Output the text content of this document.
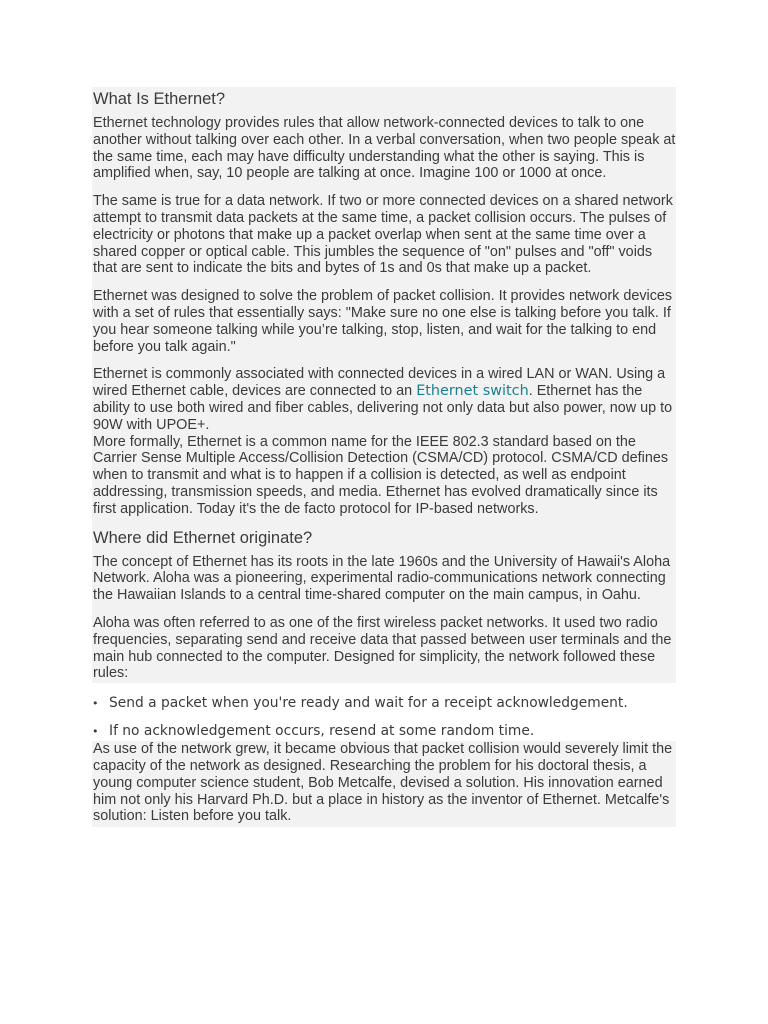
What Is Ethernet?

Ethernet technology provides rules that allow network-connected devices to talk to one another without talking over each other. In a verbal conversation, when two people speak at the same time, each may have difficulty understanding what the other is saying. This is amplified when, say, 10 people are talking at once. Imagine 100 or 1000 at once.

The same is true for a data network. If two or more connected devices on a shared network attempt to transmit data packets at the same time, a packet collision occurs. The pulses of electricity or photons that make up a packet overlap when sent at the same time over a shared copper or optical cable. This jumbles the sequence of "on" pulses and "off" voids that are sent to indicate the bits and bytes of 1s and 0s that make up a packet.

Ethernet was designed to solve the problem of packet collision. It provides network devices with a set of rules that essentially says: "Make sure no one else is talking before you talk. If you hear someone talking while you’re talking, stop, listen, and wait for the talking to end before you talk again."

Ethernet is commonly associated with connected devices in a wired LAN or WAN. Using a wired Ethernet cable, devices are connected to an Ethernet switch. Ethernet has the ability to use both wired and fiber cables, delivering not only data but also power, now up to 90W with UPOE+.

More formally, Ethernet is a common name for the IEEE 802.3 standard based on the Carrier Sense Multiple Access/Collision Detection (CSMA/CD) protocol. CSMA/CD defines when to transmit and what is to happen if a collision is detected, as well as endpoint addressing, transmission speeds, and media. Ethernet has evolved dramatically since its first application. Today it's the de facto protocol for IP-based networks.

Where did Ethernet originate?

The concept of Ethernet has its roots in the late 1960s and the University of Hawaii's Aloha Network. Aloha was a pioneering, experimental radio-communications network connecting the Hawaiian Islands to a central time-shared computer on the main campus, in Oahu.

Aloha was often referred to as one of the first wireless packet networks. It used two radio frequencies, separating send and receive data that passed between user terminals and the main hub connected to the computer. Designed for simplicity, the network followed these rules:

• Send a packet when you're ready and wait for a receipt acknowledgement.
• If no acknowledgement occurs, resend at some random time.

As use of the network grew, it became obvious that packet collision would severely limit the capacity of the network as designed. Researching the problem for his doctoral thesis, a young computer science student, Bob Metcalfe, devised a solution. His innovation earned him not only his Harvard Ph.D. but a place in history as the inventor of Ethernet. Metcalfe's solution: Listen before you talk.
